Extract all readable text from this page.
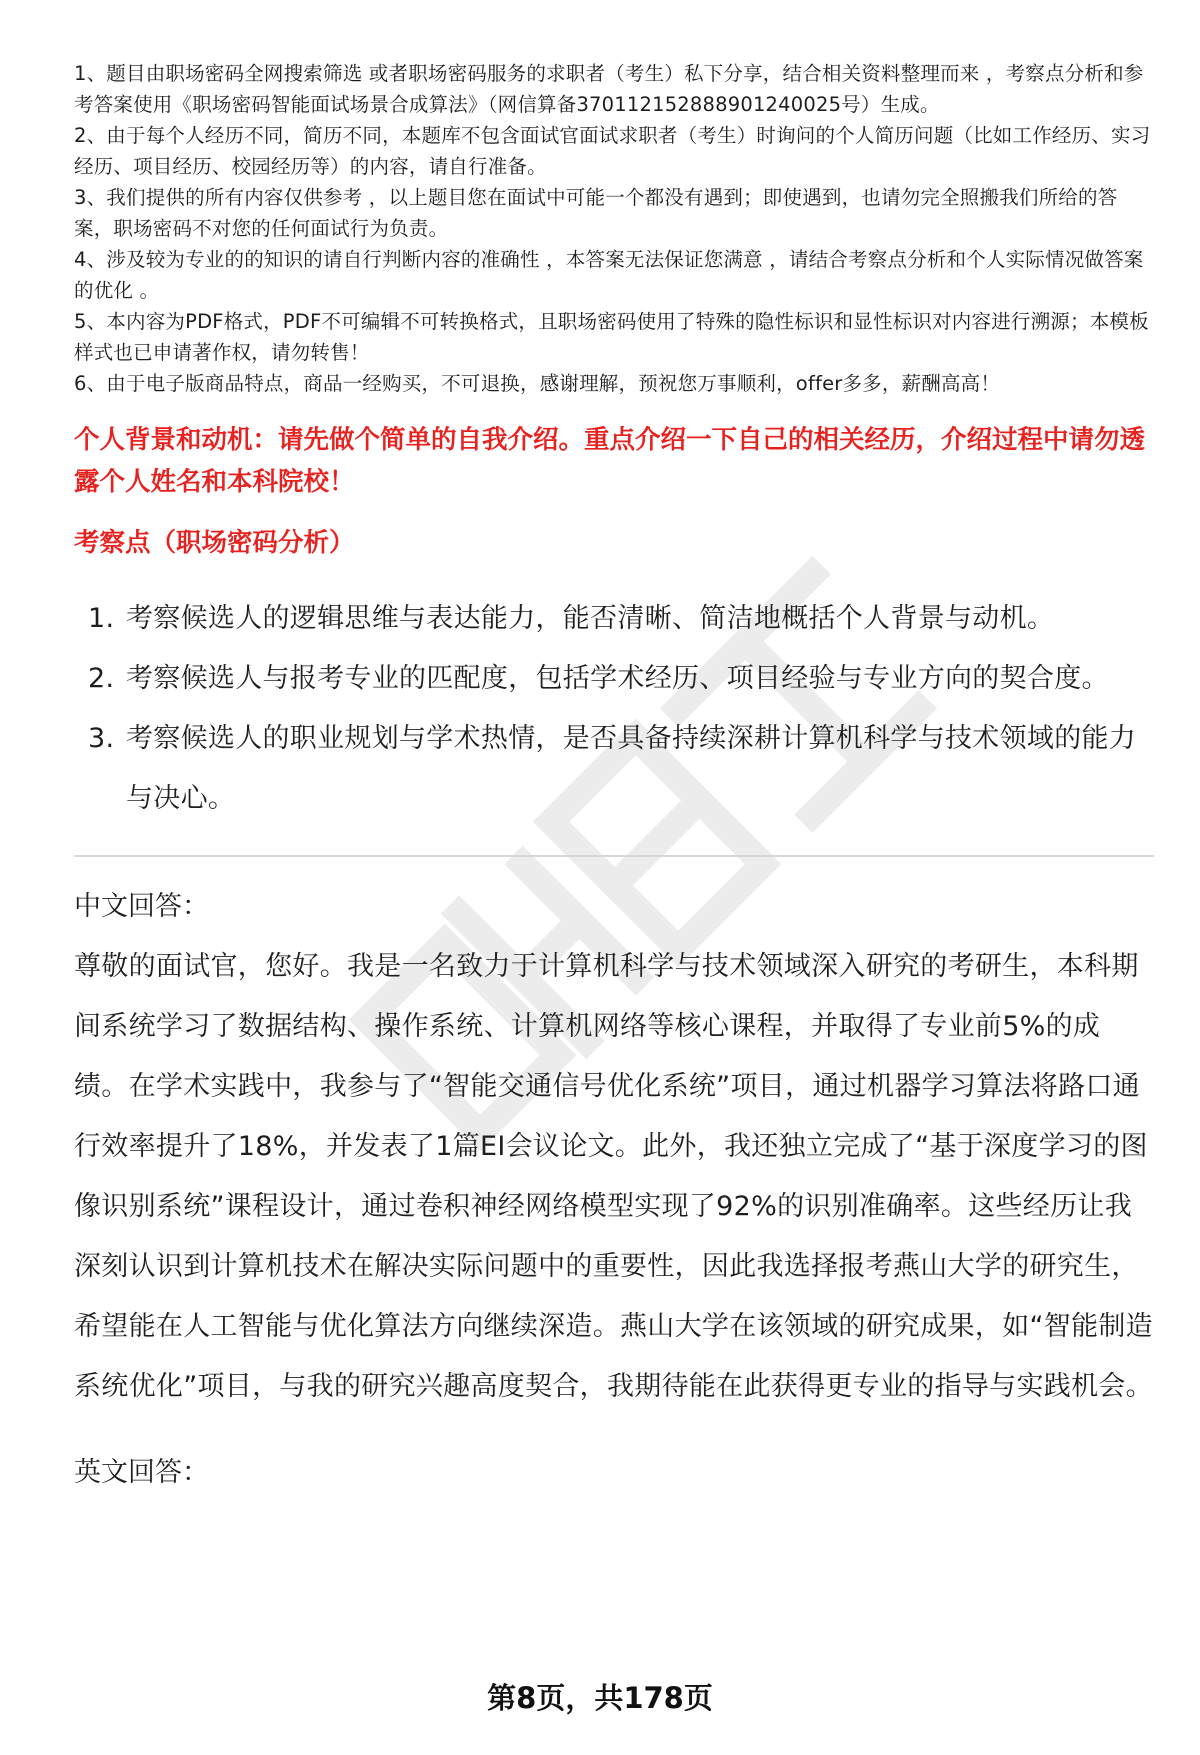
1、题目由职场密码全网搜索筛选 或者职场密码服务的求职者（考生）私下分享，结合相关资料整理而来 ，考察点分析和参考答案使用《职场密码智能面试场景合成算法》（网信算备370112152888901240025号）生成。
2、由于每个人经历不同，简历不同，本题库不包含面试官面试求职者（考生）时询问的个人简历问题（比如工作经历、实习经历、项目经历、校园经历等）的内容，请自行准备。
3、我们提供的所有内容仅供参考 ，以上题目您在面试中可能一个都没有遇到；即使遇到，也请勿完全照搬我们所给的答案，职场密码不对您的任何面试行为负责。
4、涉及较为专业的的知识的请自行判断内容的准确性 ，本答案无法保证您满意 ，请结合考察点分析和个人实际情况做答案的优化 。
5、本内容为PDF格式，PDF不可编辑不可转换格式，且职场密码使用了特殊的隐性标识和显性标识对内容进行溯源；本模板样式也已申请著作权，请勿转售！
6、由于电子版商品特点，商品一经购买，不可退换，感谢理解，预祝您万事顺利，offer多多，薪酬高高！
个人背景和动机：请先做个简单的自我介绍。重点介绍一下自己的相关经历，介绍过程中请勿透露个人姓名和本科院校！
考察点（职场密码分析）
1. 考察候选人的逻辑思维与表达能力，能否清晰、简洁地概括个人背景与动机。
2. 考察候选人与报考专业的匹配度，包括学术经历、项目经验与专业方向的契合度。
3. 考察候选人的职业规划与学术热情，是否具备持续深耕计算机科学与技术领域的能力与决心。
中文回答：
尊敬的面试官，您好。我是一名致力于计算机科学与技术领域深入研究的考研生，本科期间系统学习了数据结构、操作系统、计算机网络等核心课程，并取得了专业前5%的成绩。在学术实践中，我参与了“智能交通信号优化系统”项目，通过机器学习算法将路口通行效率提升了18%，并发表了1篇EI会议论文。此外，我还独立完成了“基于深度学习的图像识别系统”课程设计，通过卷积神经网络模型实现了92%的识别准确率。这些经历让我深刻认识到计算机技术在解决实际问题中的重要性，因此我选择报考燕山大学的研究生，希望能在人工智能与优化算法方向继续深造。燕山大学在该领域的研究成果，如“智能制造系统优化”项目，与我的研究兴趣高度契合，我期待能在此获得更专业的指导与实践机会。
英文回答：
第8页，共178页
